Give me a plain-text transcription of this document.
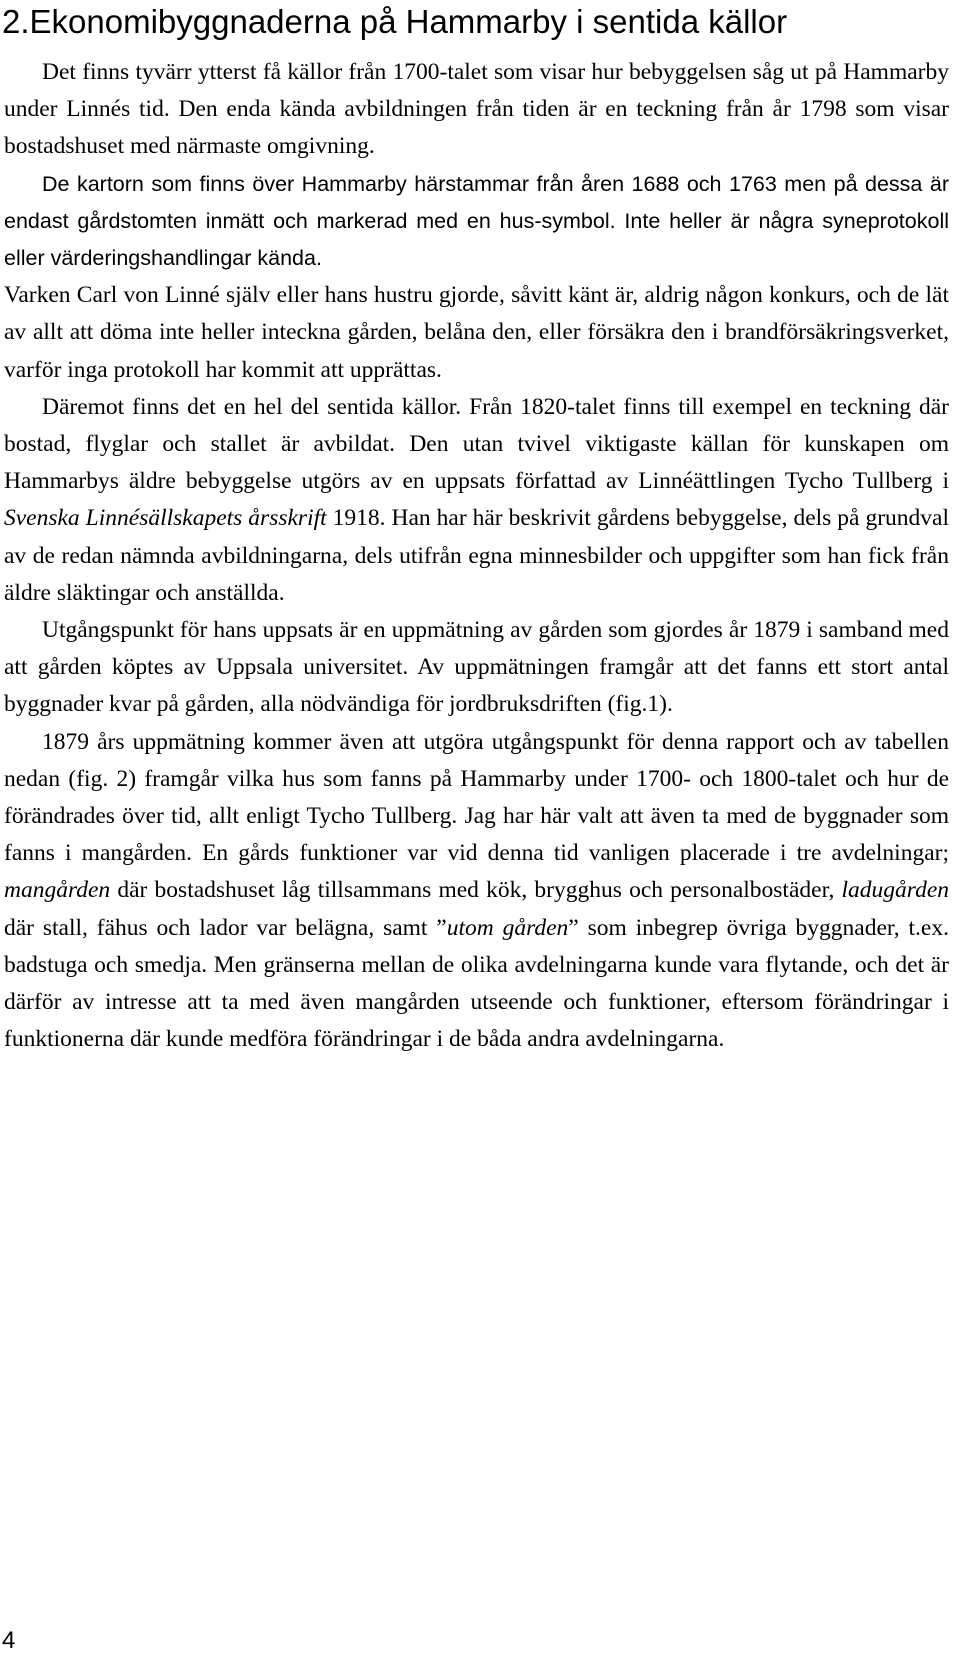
2.Ekonomibyggnaderna på Hammarby i sentida källor

Det finns tyvärr ytterst få källor från 1700-talet som visar hur bebyggelsen såg ut på Hammarby under Linnés tid. Den enda kända avbildningen från tiden är en teckning från år 1798 som visar bostadshuset med närmaste omgivning.

De kartorn som finns över Hammarby härstammar från åren 1688 och 1763 men på dessa är endast gårdstomten inmätt och markerad med en hus-symbol. Inte heller är några syneprotokoll eller värderingshandlingar kända.

Varken Carl von Linné själv eller hans hustru gjorde, såvitt känt är, aldrig någon konkurs, och de lät av allt att döma inte heller inteckna gården, belåna den, eller försäkra den i brandförsäkringsverket, varför inga protokoll har kommit att upprättas.

Däremot finns det en hel del sentida källor. Från 1820-talet finns till exempel en teckning där bostad, flyglar och stallet är avbildat. Den utan tvivel viktigaste källan för kunskapen om Hammarbys äldre bebyggelse utgörs av en uppsats författad av Linnéättlingen Tycho Tullberg i Svenska Linnésällskapets årsskrift 1918. Han har här beskrivit gårdens bebyggelse, dels på grundval av de redan nämnda avbildningarna, dels utifrån egna minnesbilder och uppgifter som han fick från äldre släktingar och anställda.

Utgångspunkt för hans uppsats är en uppmätning av gården som gjordes år 1879 i samband med att gården köptes av Uppsala universitet. Av uppmätningen framgår att det fanns ett stort antal byggnader kvar på gården, alla nödvändiga för jordbruksdriften (fig.1).

1879 års uppmätning kommer även att utgöra utgångspunkt för denna rapport och av tabellen nedan (fig. 2) framgår vilka hus som fanns på Hammarby under 1700- och 1800-talet och hur de förändrades över tid, allt enligt Tycho Tullberg. Jag har här valt att även ta med de byggnader som fanns i mangården. En gårds funktioner var vid denna tid vanligen placerade i tre avdelningar; mangården där bostadshuset låg tillsammans med kök, brygghus och personalbostäder, ladugården där stall, fähus och lador var belägna, samt ”utom gården” som inbegrep övriga byggnader, t.ex. badstuga och smedja. Men gränserna mellan de olika avdelningarna kunde vara flytande, och det är därför av intresse att ta med även mangården utseende och funktioner, eftersom förändringar i funktionerna där kunde medföra förändringar i de båda andra avdelningarna.

4
